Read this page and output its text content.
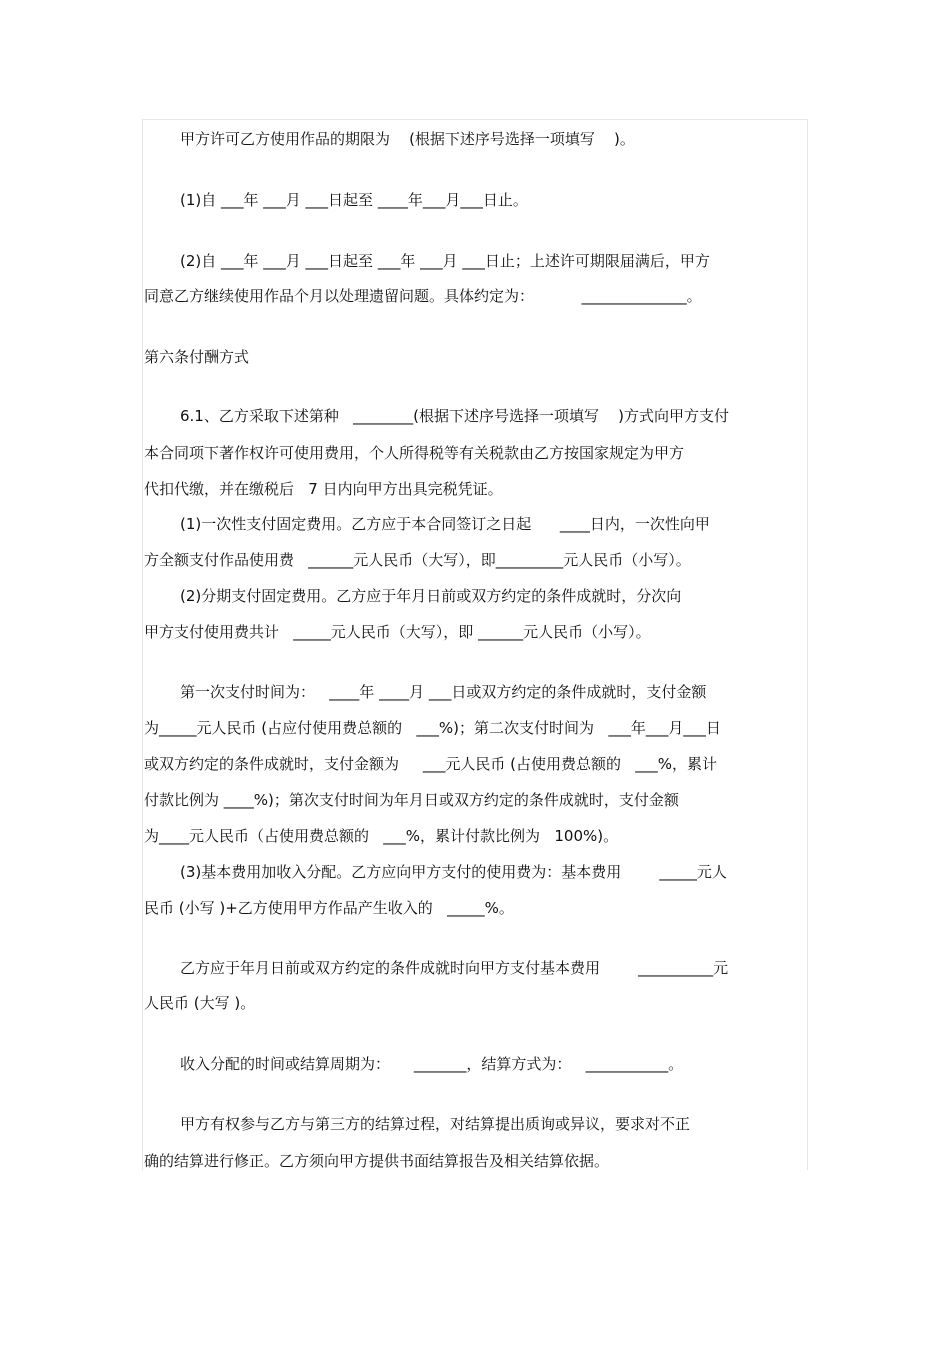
甲方许可乙方使用作品的期限为    (根据下述序号选择一项填写    )。
(1)自 ___年 ___月 ___日起至 ____年___月___日止。
(2)自 ___年 ___月 ___日起至 ___年 ___月 ___日止；上述许可期限届满后，甲方
同意乙方继续使用作品个月以处理遗留问题。具体约定为：          ______________。
第六条付酬方式
6.1、乙方采取下述第种   ________(根据下述序号选择一项填写    )方式向甲方支付
本合同项下著作权许可使用费用，个人所得税等有关税款由乙方按国家规定为甲方
代扣代缴，并在缴税后   7 日内向甲方出具完税凭证。
(1)一次性支付固定费用。乙方应于本合同签订之日起      ____日内，一次性向甲
方全额支付作品使用费   ______元人民币（大写），即_________元人民币（小写）。
(2)分期支付固定费用。乙方应于年月日前或双方约定的条件成就时，分次向
甲方支付使用费共计   _____元人民币（大写），即 ______元人民币（小写）。
第一次支付时间为：   ____年 ____月 ___日或双方约定的条件成就时，支付金额
为_____元人民币 (占应付使用费总额的   ___%)；第二次支付时间为   ___年___月___日
或双方约定的条件成就时，支付金额为     ___元人民币 (占使用费总额的   ___%，累计
付款比例为 ____%)；第次支付时间为年月日或双方约定的条件成就时，支付金额
为____元人民币（占使用费总额的   ___%，累计付款比例为   100%)。
(3)基本费用加收入分配。乙方应向甲方支付的使用费为：基本费用        _____元人
民币 (小写 )+乙方使用甲方作品产生收入的   _____%。
乙方应于年月日前或双方约定的条件成就时向甲方支付基本费用        __________元
人民币 (大写 )。
收入分配的时间或结算周期为：     _______，结算方式为：   ___________。
甲方有权参与乙方与第三方的结算过程，对结算提出质询或异议，要求对不正
确的结算进行修正。乙方须向甲方提供书面结算报告及相关结算依据。
